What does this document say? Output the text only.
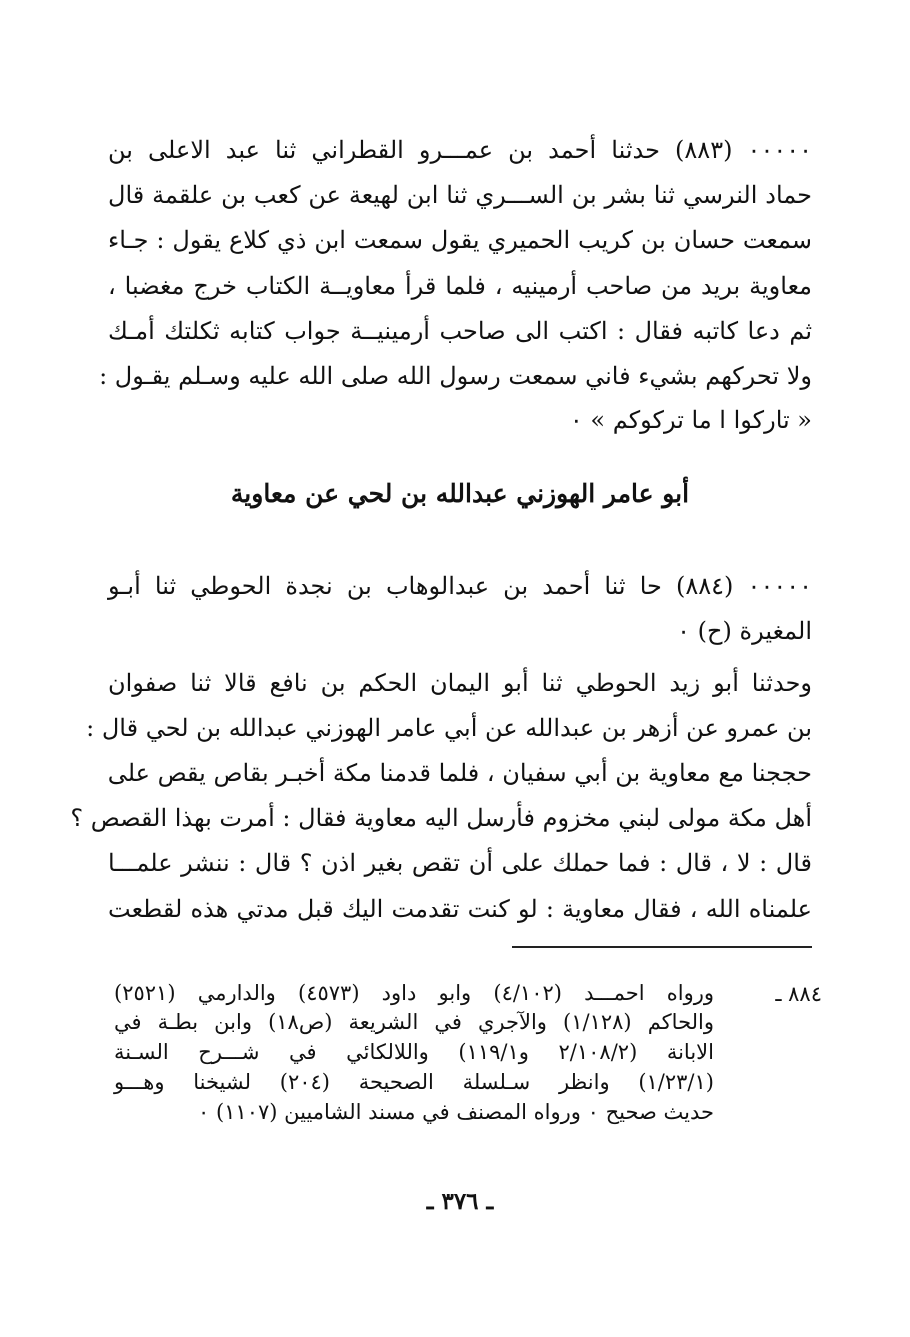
٠٠٠٠٠ (٨٨٣) حدثنا أحمد بن عمـــرو القطراني ثنا عبد الاعلى بن
حماد النرسي ثنا بشر بن الســـري ثنا ابن لهيعة عن كعب بن علقمة قال
سمعت حسان بن كريب الحميري يقول سمعت ابن ذي كلاع يقول : جـاء
معاوية بريد من صاحب أرمينيه ، فلما قرأ معاويــة الكتاب خرج مغضبا ،
ثم دعا كاتبه فقال : اكتب الى صاحب أرمينيــة جواب كتابه ثكلتك أمـك
ولا تحركهم بشيء فاني سمعت رسول الله صلى الله عليه وسـلم يقـول :
« تاركوا ا ما تركوكم » ٠
أبو عامر الهوزني عبدالله بن لحي عن معاوية
٠٠٠٠٠ (٨٨٤) حا ثنا أحمد بن عبدالوهاب بن نجدة الحوطي ثنا أبـو
المغيرة (ح) ٠
وحدثنا أبو زيد الحوطي ثنا أبو اليمان الحكم بن نافع قالا ثنا صفوان
بن عمرو عن أزهر بن عبدالله عن أبي عامر الهوزني عبدالله بن لحي قال :
حججنا مع معاوية بن أبي سفيان ، فلما قدمنا مكة أخبـر بقاص يقص على
أهل مكة مولى لبني مخزوم فأرسل اليه معاوية فقال : أمرت بهذا القصص ؟
قال : لا ، قال : فما حملك على أن تقص بغير اذن ؟ قال : ننشر علمـــا
علمناه الله ، فقال معاوية : لو كنت تقدمت اليك قبل مدتي هذه لقطعت
٨٨٤ ـ
ورواه احمـــد (٤/١٠٢) وابو داود (٤٥٧٣) والدارمي (٢٥٢١)
والحاكم (١/١٢٨) والآجري في الشريعة (ص١٨) وابن بطـة في
الابانة (٢/١٠٨/٢ و١١٩/١) واللالكائي في شـــرح السـنة
(١/٢٣/١) وانظر سـلسلة الصحيحة (٢٠٤) لشيخنا وهـــو
حديث صحيح ٠ ورواه المصنف في مسند الشاميين (١١٠٧) ٠
ـ ٣٧٦ ـ
